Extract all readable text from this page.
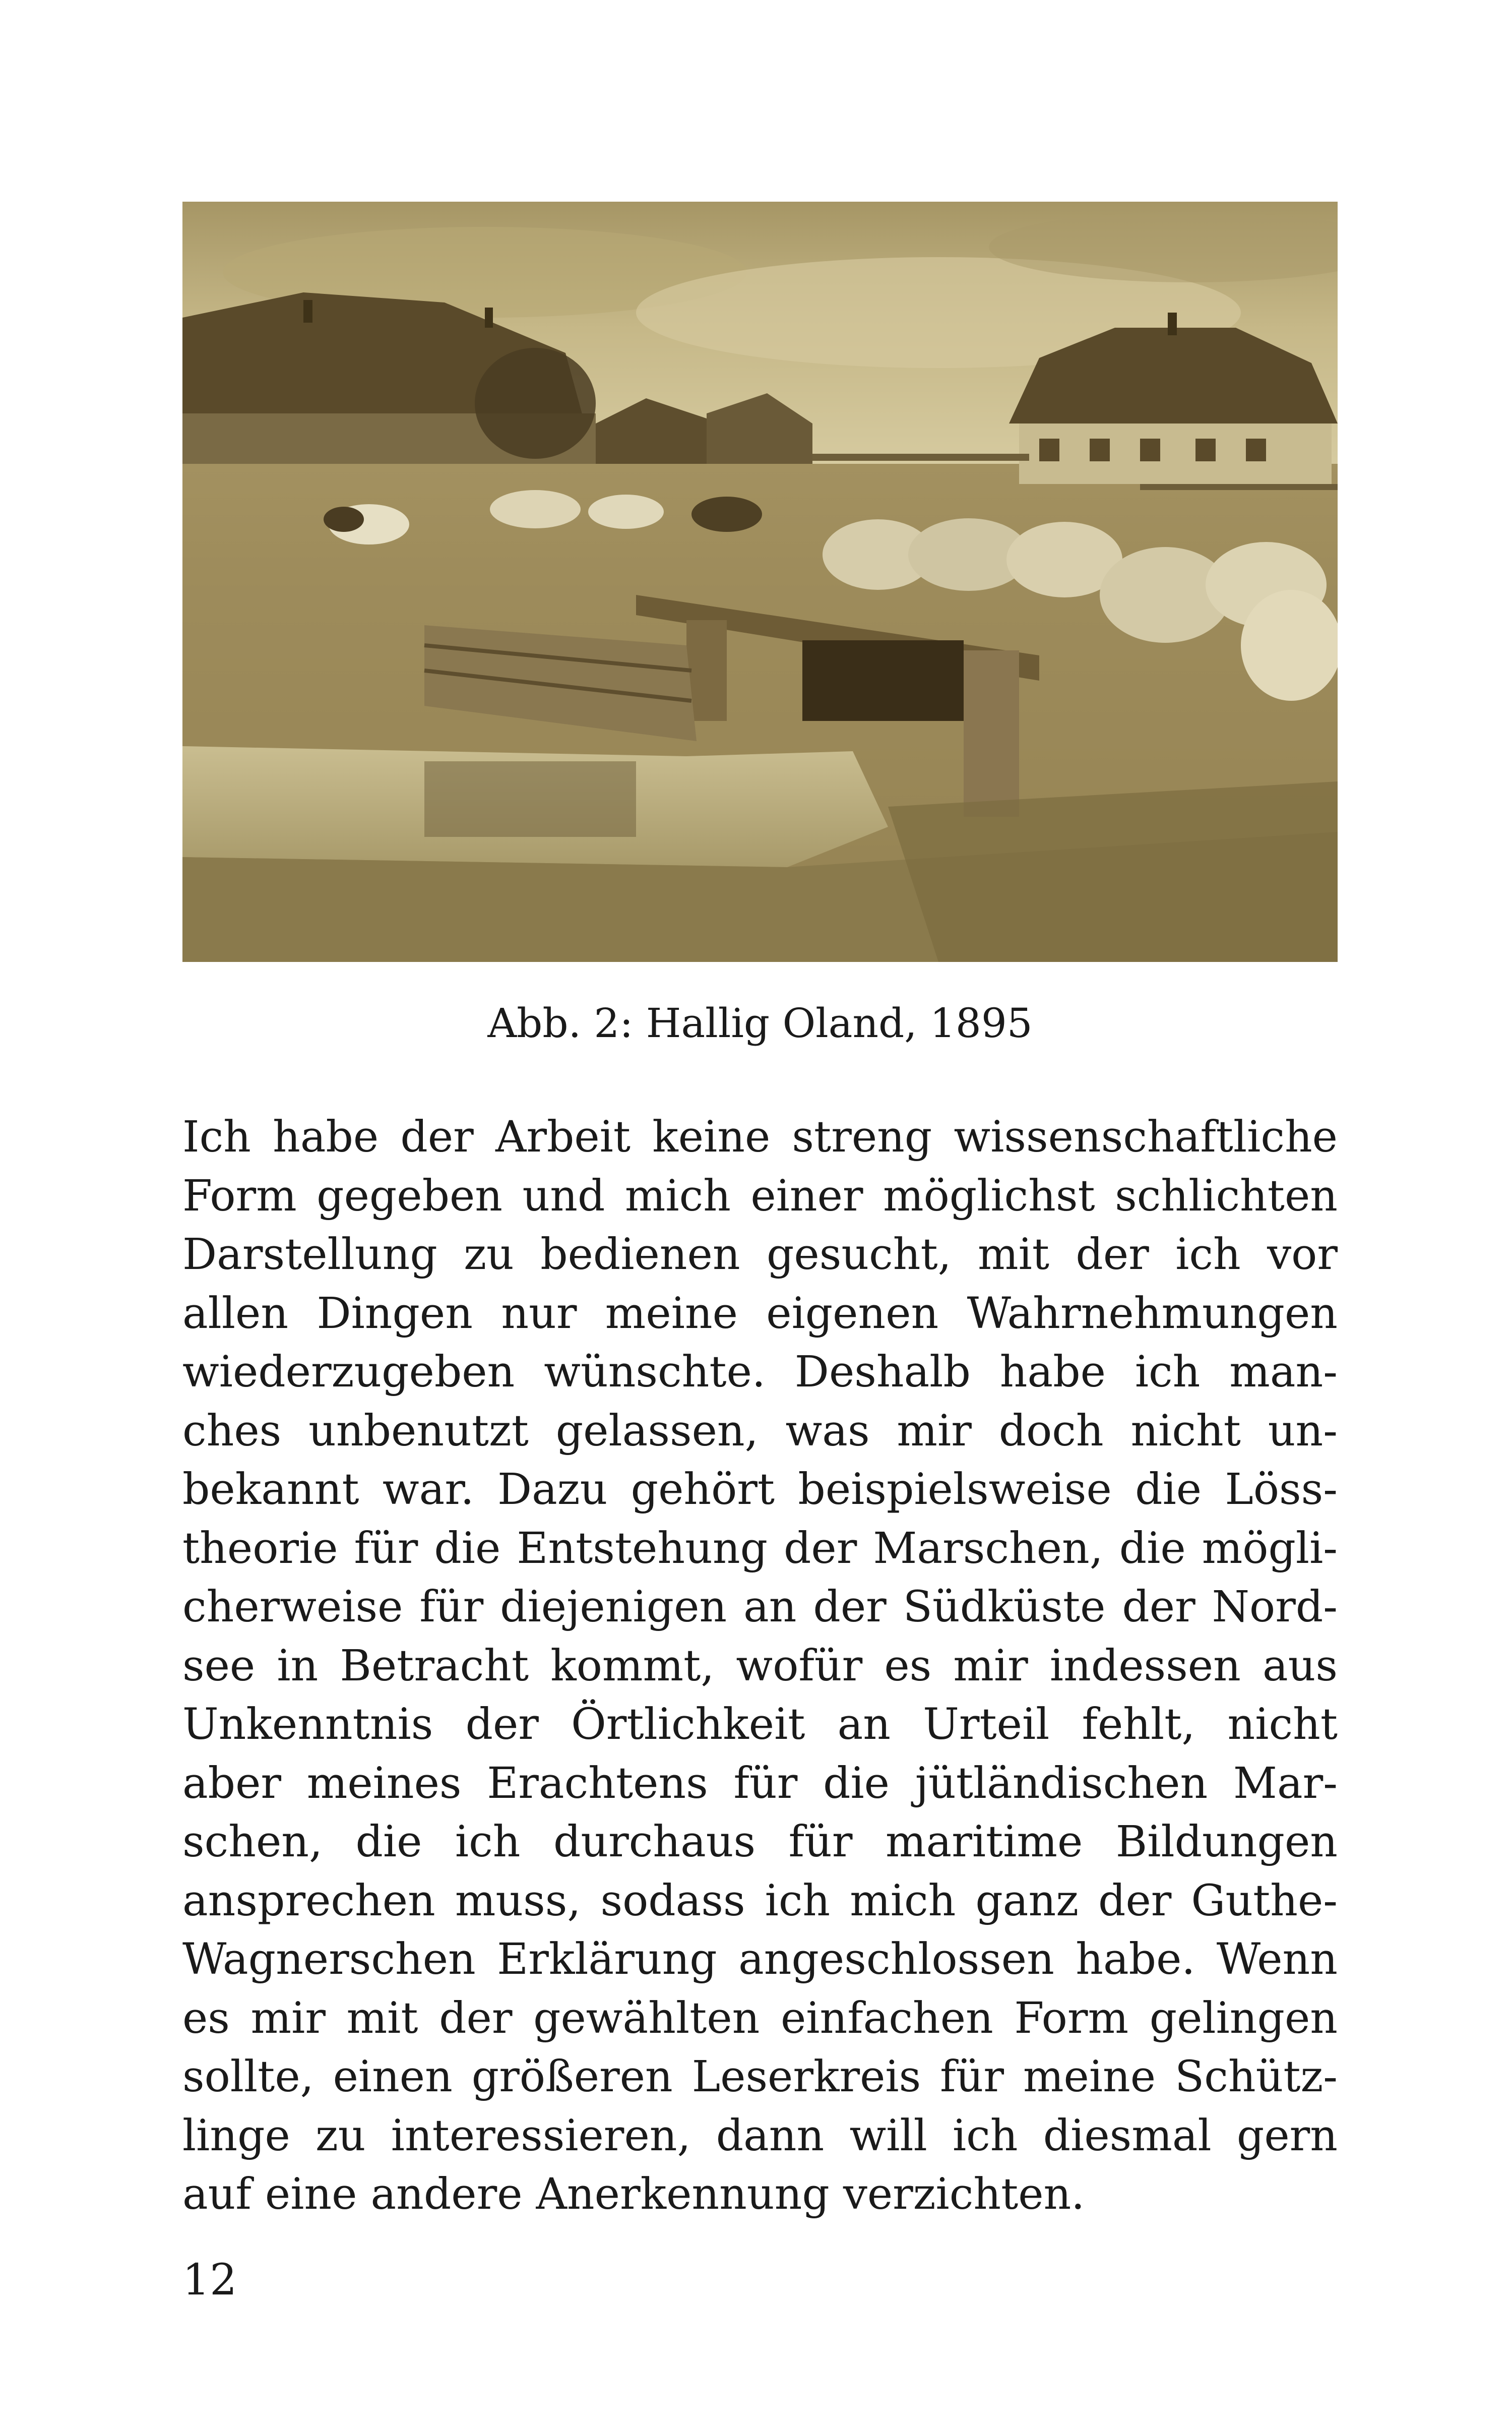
Abb. 2: Hallig Oland, 1895
Ich habe der Arbeit keine streng wissenschaftliche
Form gegeben und mich einer möglichst schlichten
Darstellung zu bedienen gesucht, mit der ich vor
allen Dingen nur meine eigenen Wahrnehmungen
wiederzugeben wünschte. Deshalb habe ich man-
ches unbenutzt gelassen, was mir doch nicht un-
bekannt war. Dazu gehört beispielsweise die Löss-
theorie für die Entstehung der Marschen, die mögli-
cherweise für diejenigen an der Südküste der Nord-
see in Betracht kommt, wofür es mir indessen aus
Unkenntnis der Örtlichkeit an Urteil fehlt, nicht
aber meines Erachtens für die jütländischen Mar-
schen, die ich durchaus für maritime Bildungen
ansprechen muss, sodass ich mich ganz der Guthe-
Wagnerschen Erklärung angeschlossen habe. Wenn
es mir mit der gewählten einfachen Form gelingen
sollte, einen größeren Leserkreis für meine Schütz-
linge zu interessieren, dann will ich diesmal gern
auf eine andere Anerkennung verzichten.
12
